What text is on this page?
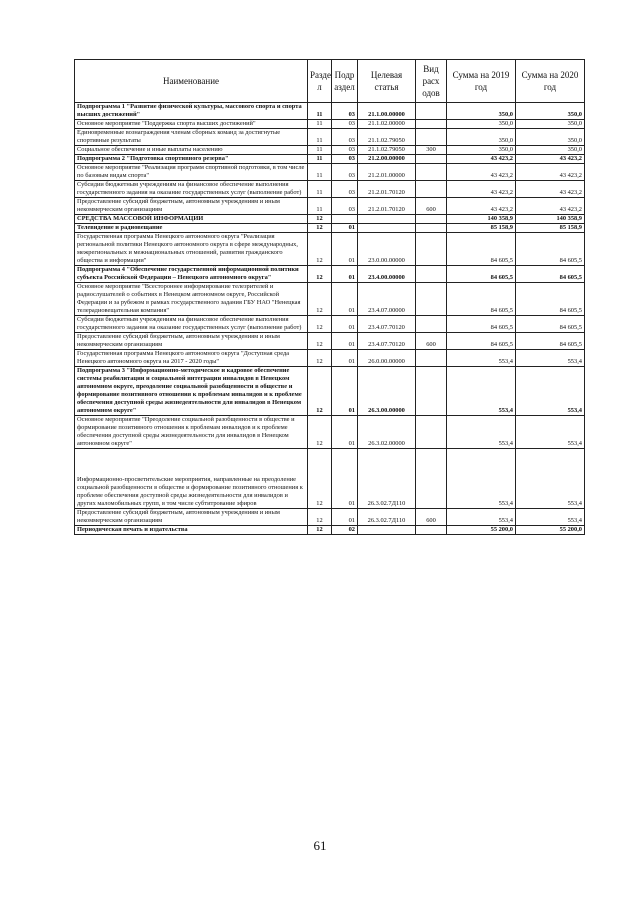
Наименование	Разде л	Подр аздел	Целевая статья	Вид расх одов	Сумма на 2019 год	Сумма на 2020 год
Подпрограмма 1 "Развитие физической культуры, массового спорта и спорта высших достижений"	11	03	21.1.00.00000		350,0	350,0
Основное мероприятие "Поддержка спорта высших достижений"	11	03	21.1.02.00000		350,0	350,0
Единовременные вознаграждения членам сборных команд за достигнутые спортивные результаты	11	03	21.1.02.79050		350,0	350,0
Социальное обеспечение и иные выплаты населению	11	03	21.1.02.79050	300	350,0	350,0
Подпрограмма 2 "Подготовка спортивного резерва"	11	03	21.2.00.00000		43 423,2	43 423,2
Основное мероприятие "Реализация программ спортивной подготовки, в том числе по базовым видам спорта"	11	03	21.2.01.00000		43 423,2	43 423,2
Субсидии бюджетным учреждениям на финансовое обеспечение выполнения государственного задания на оказание государственных услуг (выполнение работ)	11	03	21.2.01.70120		43 423,2	43 423,2
Предоставление субсидий бюджетным, автономным учреждениям и иным некоммерческим организациям	11	03	21.2.01.70120	600	43 423,2	43 423,2
СРЕДСТВА МАССОВОЙ ИНФОРМАЦИИ	12				140 358,9	140 358,9
Телевидение и радиовещание	12	01			85 158,9	85 158,9
Государственная программа Ненецкого автономного округа "Реализация региональной политики Ненецкого автономного округа в сфере международных, межрегиональных и межнациональных отношений, развития гражданского общества и информации"	12	01	23.0.00.00000		84 605,5	84 605,5
Подпрограмма 4 "Обеспечение государственной информационной политики субъекта Российской Федерации – Ненецкого автономного округа"	12	01	23.4.00.00000		84 605,5	84 605,5
Основное мероприятие "Всестороннее информирование телезрителей и радиослушателей о событиях в Ненецком автономном округе, Российской Федерации и за рубежом в рамках государственного задания ГБУ НАО "Ненецкая телерадиовещательная компания"	12	01	23.4.07.00000		84 605,5	84 605,5
Субсидии бюджетным учреждениям на финансовое обеспечение выполнения государственного задания на оказание государственных услуг (выполнение работ)	12	01	23.4.07.70120		84 605,5	84 605,5
Предоставление субсидий бюджетным, автономным учреждениям и иным некоммерческим организациям	12	01	23.4.07.70120	600	84 605,5	84 605,5
Государственная программа Ненецкого автономного округа "Доступная среда Ненецкого автономного округа на 2017 - 2020 годы"	12	01	26.0.00.00000		553,4	553,4
Подпрограмма 3 "Информационно-методическое и кадровое обеспечение системы реабилитации и социальной интеграции инвалидов в Ненецком автономном округе, преодоление социальной разобщенности в обществе и формирование позитивного отношения к проблемам инвалидов и к проблеме обеспечения доступной среды жизнедеятельности для инвалидов в Ненецком автономном округе"	12	01	26.3.00.00000		553,4	553,4
Основное мероприятие "Преодоление социальной разобщенности в обществе и формирование позитивного отношения к проблемам инвалидов и к проблеме обеспечения доступной среды жизнедеятельности для инвалидов в Ненецком автономном округе"	12	01	26.3.02.00000		553,4	553,4
Информационно-просветительские мероприятия, направленные на преодоление социальной разобщенности в обществе и формирование позитивного отношения к проблеме обеспечения доступной среды жизнедеятельности для инвалидов и других маломобильных групп, в том числе субтитрование эфиров	12	01	26.3.02.7Д110		553,4	553,4
Предоставление субсидий бюджетным, автономным учреждениям и иным некоммерческим организациям	12	01	26.3.02.7Д110	600	553,4	553,4
Периодическая печать и издательства	12	02			55 200,0	55 200,0
61
